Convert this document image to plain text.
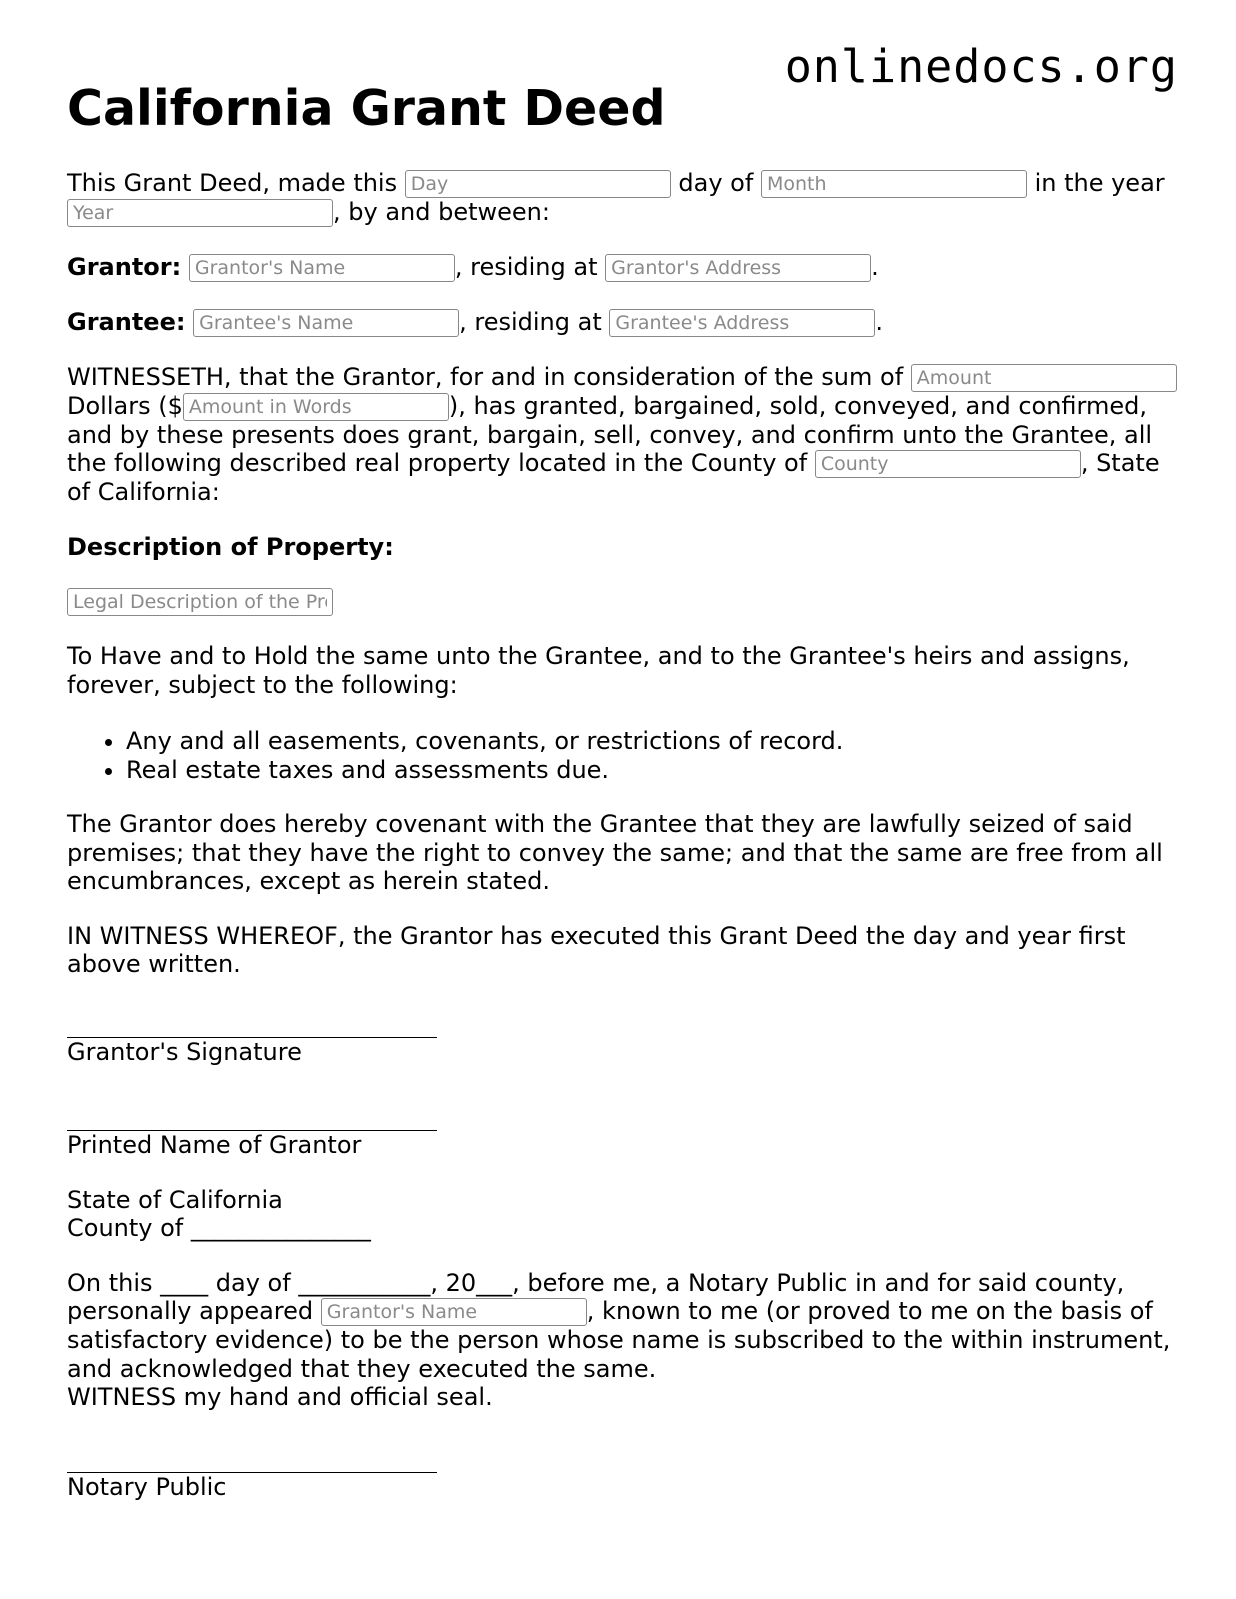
onlinedocs.org
California Grant Deed

This Grant Deed, made this Day	day of Month	in the year Year, by and between:

Grantor: Grantor's Name	, residing at Grantor's Address	.

Grantee: Grantee's Name	, residing at Grantee's Address	.

WITNESSETH, that the Grantor, for and in consideration of the sum of Amount Dollars ($Amount in Words	), has granted, bargained, sold, conveyed, and confirmed, and by these presents does grant, bargain, sell, convey, and confirm unto the Grantee, all the following described real property located in the County of County	, State of California:

Description of Property:

Legal Description of the Property

To Have and to Hold the same unto the Grantee, and to the Grantee's heirs and assigns, forever, subject to the following:

• Any and all easements, covenants, or restrictions of record.
• Real estate taxes and assessments due.

The Grantor does hereby covenant with the Grantee that they are lawfully seized of said premises; that they have the right to convey the same; and that the same are free from all encumbrances, except as herein stated.

IN WITNESS WHEREOF, the Grantor has executed this Grant Deed the day and year first above written.

Grantor's Signature

Printed Name of Grantor

State of California
County of _______________

On this ____ day of ___________, 20___, before me, a Notary Public in and for said county, personally appeared Grantor's Name	, known to me (or proved to me on the basis of satisfactory evidence) to be the person whose name is subscribed to the within instrument, and acknowledged that they executed the same.
WITNESS my hand and official seal.

Notary Public
